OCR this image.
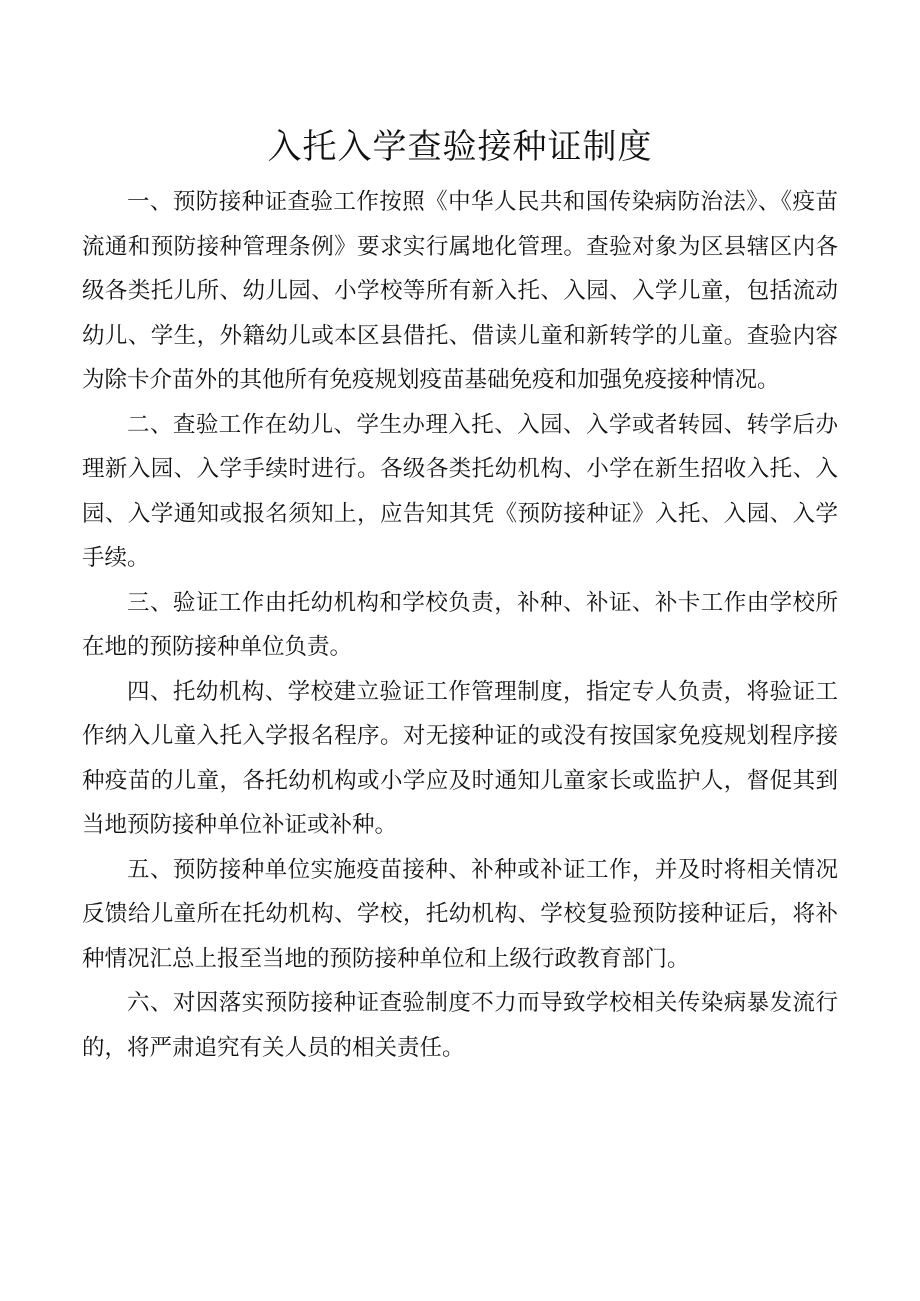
入托入学查验接种证制度

一、预防接种证查验工作按照《中华人民共和国传染病防治法》、《疫苗流通和预防接种管理条例》要求实行属地化管理。查验对象为区县辖区内各级各类托儿所、幼儿园、小学校等所有新入托、入园、入学儿童，包括流动幼儿、学生，外籍幼儿或本区县借托、借读儿童和新转学的儿童。查验内容为除卡介苗外的其他所有免疫规划疫苗基础免疫和加强免疫接种情况。

二、查验工作在幼儿、学生办理入托、入园、入学或者转园、转学后办理新入园、入学手续时进行。各级各类托幼机构、小学在新生招收入托、入园、入学通知或报名须知上，应告知其凭《预防接种证》入托、入园、入学手续。

三、验证工作由托幼机构和学校负责，补种、补证、补卡工作由学校所在地的预防接种单位负责。

四、托幼机构、学校建立验证工作管理制度，指定专人负责，将验证工作纳入儿童入托入学报名程序。对无接种证的或没有按国家免疫规划程序接种疫苗的儿童，各托幼机构或小学应及时通知儿童家长或监护人，督促其到当地预防接种单位补证或补种。

五、预防接种单位实施疫苗接种、补种或补证工作，并及时将相关情况反馈给儿童所在托幼机构、学校，托幼机构、学校复验预防接种证后，将补种情况汇总上报至当地的预防接种单位和上级行政教育部门。

六、对因落实预防接种证查验制度不力而导致学校相关传染病暴发流行的，将严肃追究有关人员的相关责任。
